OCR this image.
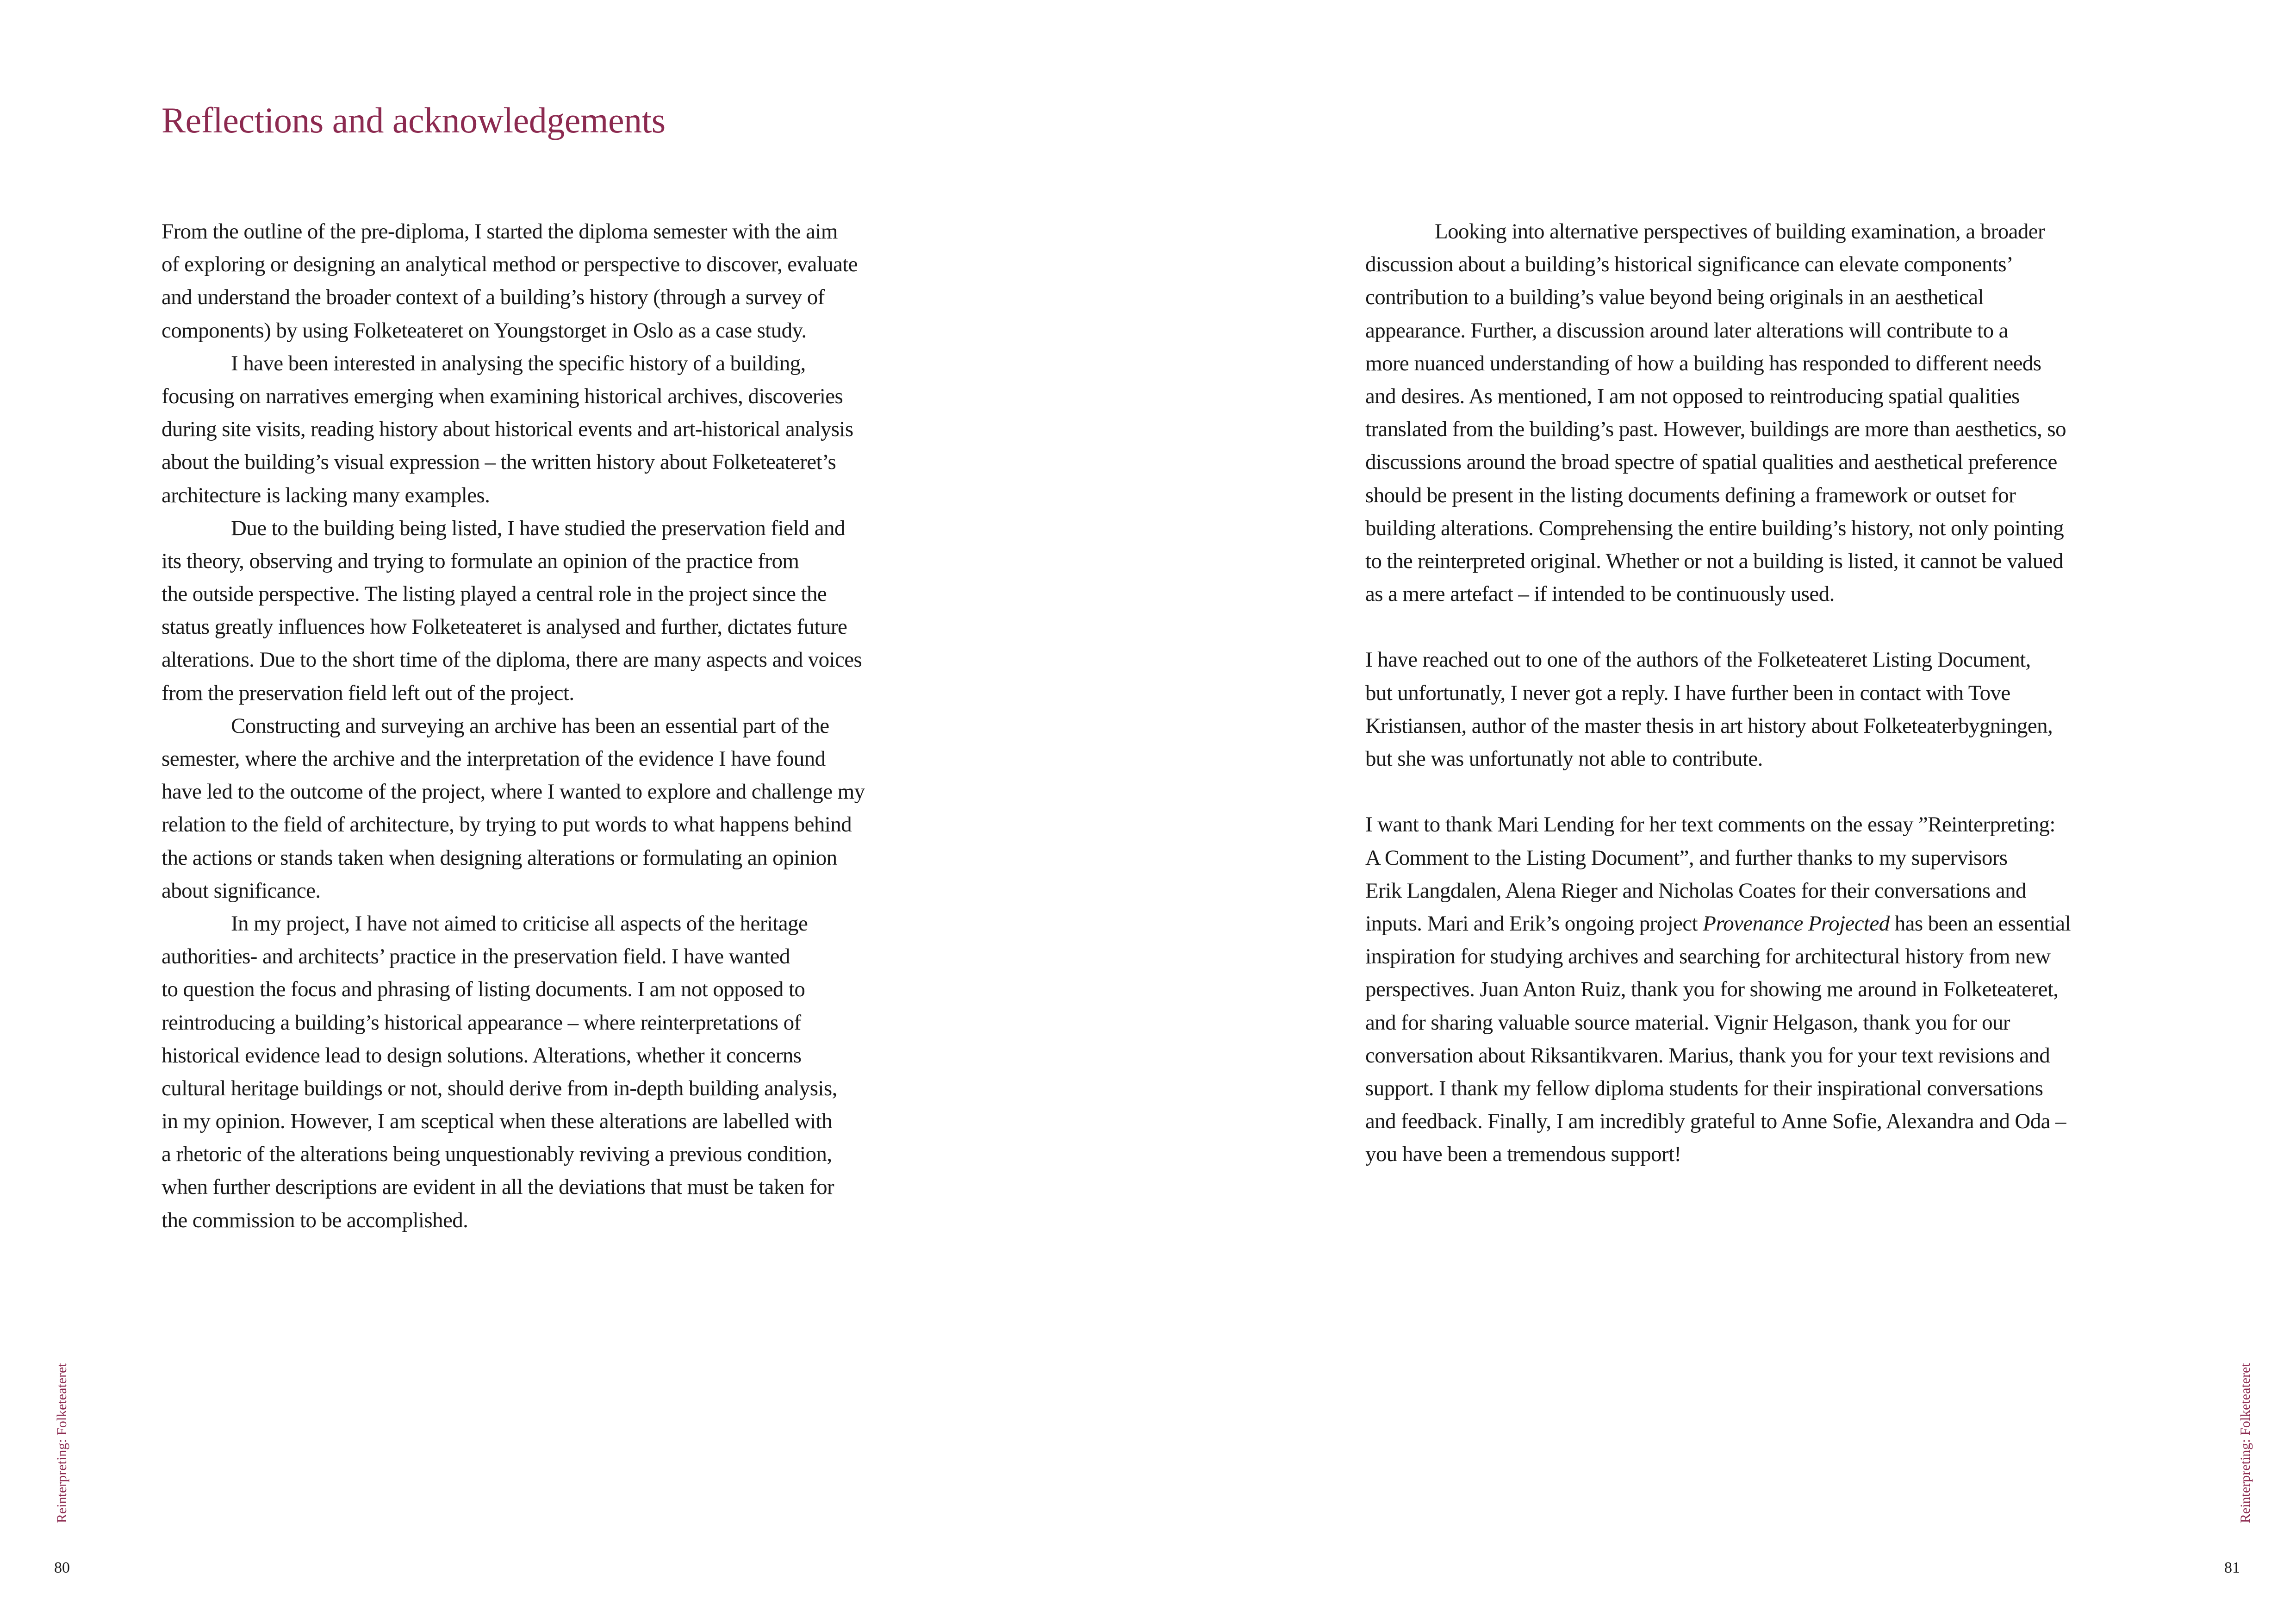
Reflections and acknowledgements
From the outline of the pre-diploma, I started the diploma semester with the aim
of exploring or designing an analytical method or perspective to discover, evaluate
and understand the broader context of a building’s history (through a survey of
components) by using Folketeateret on Youngstorget in Oslo as a case study.
I have been interested in analysing the specific history of a building,
focusing on narratives emerging when examining historical archives, discoveries
during site visits, reading history about historical events and art-historical analysis
about the building’s visual expression – the written history about Folketeateret’s
architecture is lacking many examples.
Due to the building being listed, I have studied the preservation field and
its theory, observing and trying to formulate an opinion of the practice from
the outside perspective. The listing played a central role in the project since the
status greatly influences how Folketeateret is analysed and further, dictates future
alterations. Due to the short time of the diploma, there are many aspects and voices
from the preservation field left out of the project.
Constructing and surveying an archive has been an essential part of the
semester, where the archive and the interpretation of the evidence I have found
have led to the outcome of the project, where I wanted to explore and challenge my
relation to the field of architecture, by trying to put words to what happens behind
the actions or stands taken when designing alterations or formulating an opinion
about significance.
In my project, I have not aimed to criticise all aspects of the heritage
authorities- and architects’ practice in the preservation field. I have wanted
to question the focus and phrasing of listing documents. I am not opposed to
reintroducing a building’s historical appearance – where reinterpretations of
historical evidence lead to design solutions. Alterations, whether it concerns
cultural heritage buildings or not, should derive from in-depth building analysis,
in my opinion. However, I am sceptical when these alterations are labelled with
a rhetoric of the alterations being unquestionably reviving a previous condition,
when further descriptions are evident in all the deviations that must be taken for
the commission to be accomplished.
Reinterpreting: Folketeateret
80
Looking into alternative perspectives of building examination, a broader
discussion about a building’s historical significance can elevate components’
contribution to a building’s value beyond being originals in an aesthetical
appearance. Further, a discussion around later alterations will contribute to a
more nuanced understanding of how a building has responded to different needs
and desires. As mentioned, I am not opposed to reintroducing spatial qualities
translated from the building’s past. However, buildings are more than aesthetics, so
discussions around the broad spectre of spatial qualities and aesthetical preference
should be present in the listing documents defining a framework or outset for
building alterations. Comprehensing the entire building’s history, not only pointing
to the reinterpreted original. Whether or not a building is listed, it cannot be valued
as a mere artefact – if intended to be continuously used.
I have reached out to one of the authors of the Folketeateret Listing Document,
but unfortunatly, I never got a reply. I have further been in contact with Tove
Kristiansen, author of the master thesis in art history about Folketeaterbygningen,
but she was unfortunatly not able to contribute.
I want to thank Mari Lending for her text comments on the essay ”Reinterpreting:
A Comment to the Listing Document”, and further thanks to my supervisors
Erik Langdalen, Alena Rieger and Nicholas Coates for their conversations and
inputs. Mari and Erik’s ongoing project Provenance Projected has been an essential
inspiration for studying archives and searching for architectural history from new
perspectives. Juan Anton Ruiz, thank you for showing me around in Folketeateret,
and for sharing valuable source material. Vignir Helgason, thank you for our
conversation about Riksantikvaren. Marius, thank you for your text revisions and
support. I thank my fellow diploma students for their inspirational conversations
and feedback. Finally, I am incredibly grateful to Anne Sofie, Alexandra and Oda –
you have been a tremendous support!
Reinterpreting: Folketeateret
81
